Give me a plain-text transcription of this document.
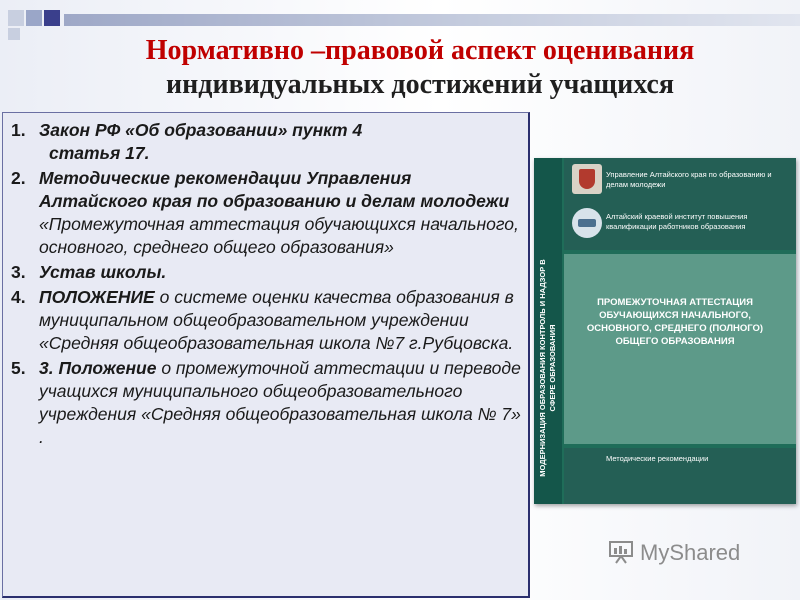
Нормативно –правовой аспект оценивания
индивидуальных достижений учащихся
1. Закон РФ «Об образовании» пункт 4
статья 17.
2. Методические рекомендации Управления Алтайского края по образованию и делам молодежи «Промежуточная аттестация обучающихся начального, основного, среднего общего образования»
3. Устав школы.
4. ПОЛОЖЕНИЕ о системе оценки качества образования в муниципальном общеобразовательном учреждении «Средняя общеобразовательная школа №7 г.Рубцовска.
5. 3. Положение о промежуточной аттестации и переводе учащихся муниципального общеобразовательного учреждения «Средняя общеобразовательная школа № 7» .	МОДЕРНИЗАЦИЯ ОБРАЗОВАНИЯ КОНТРОЛЬ И НАДЗОР В СФЕРЕ ОБРАЗОВАНИЯ
Управление Алтайского края по образованию и делам молодежи
Алтайский краевой институт повышения квалификации работников образования
ПРОМЕЖУТОЧНАЯ АТТЕСТАЦИЯ ОБУЧАЮЩИХСЯ НАЧАЛЬНОГО, ОСНОВНОГО, СРЕДНЕГО (ПОЛНОГО) ОБЩЕГО ОБРАЗОВАНИЯ
Методические рекомендации
MyShared
